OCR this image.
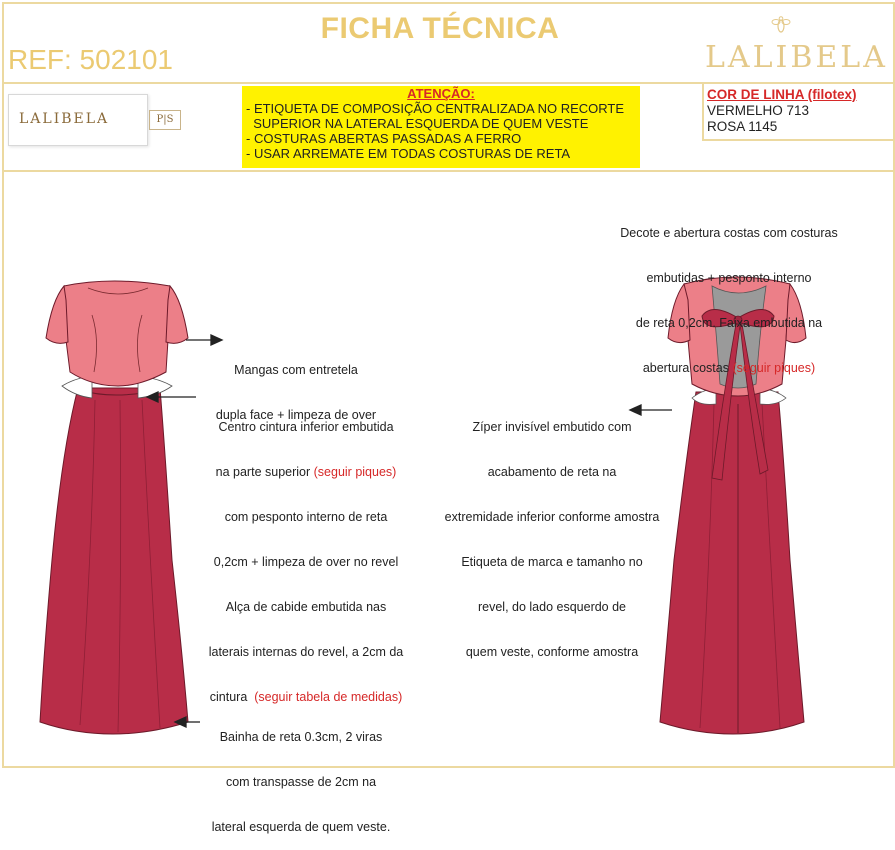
FICHA TÉCNICA
REF: 502101	LALIBELA
LALIBELA	P|S
ATENÇÃO:
- ETIQUETA DE COMPOSIÇÃO CENTRALIZADA NO RECORTE
SUPERIOR NA LATERAL ESQUERDA DE QUEM VESTE
- COSTURAS ABERTAS PASSADAS A FERRO
- USAR ARREMATE EM TODAS COSTURAS DE RETA
COR DE LINHA (filotex)
VERMELHO 713
ROSA 1145

Mangas com entretela

dupla face + limpeza de over

Centro cintura inferior embutida

na parte superior (seguir piques)

com pesponto interno de reta

0,2cm + limpeza de over no revel

Alça de cabide embutida nas

laterais internas do revel, a 2cm da

cintura  (seguir tabela de medidas)

Bainha de reta 0.3cm, 2 viras

com transpasse de 2cm na

lateral esquerda de quem veste.

Decote e abertura costas com costuras

embutidas + pesponto interno

de reta 0,2cm. Faixa embutida na

abertura costas (seguir piques)

Zíper invisível embutido com

acabamento de reta na

extremidade inferior conforme amostra

Etiqueta de marca e tamanho no

revel, do lado esquerdo de

quem veste, conforme amostra
